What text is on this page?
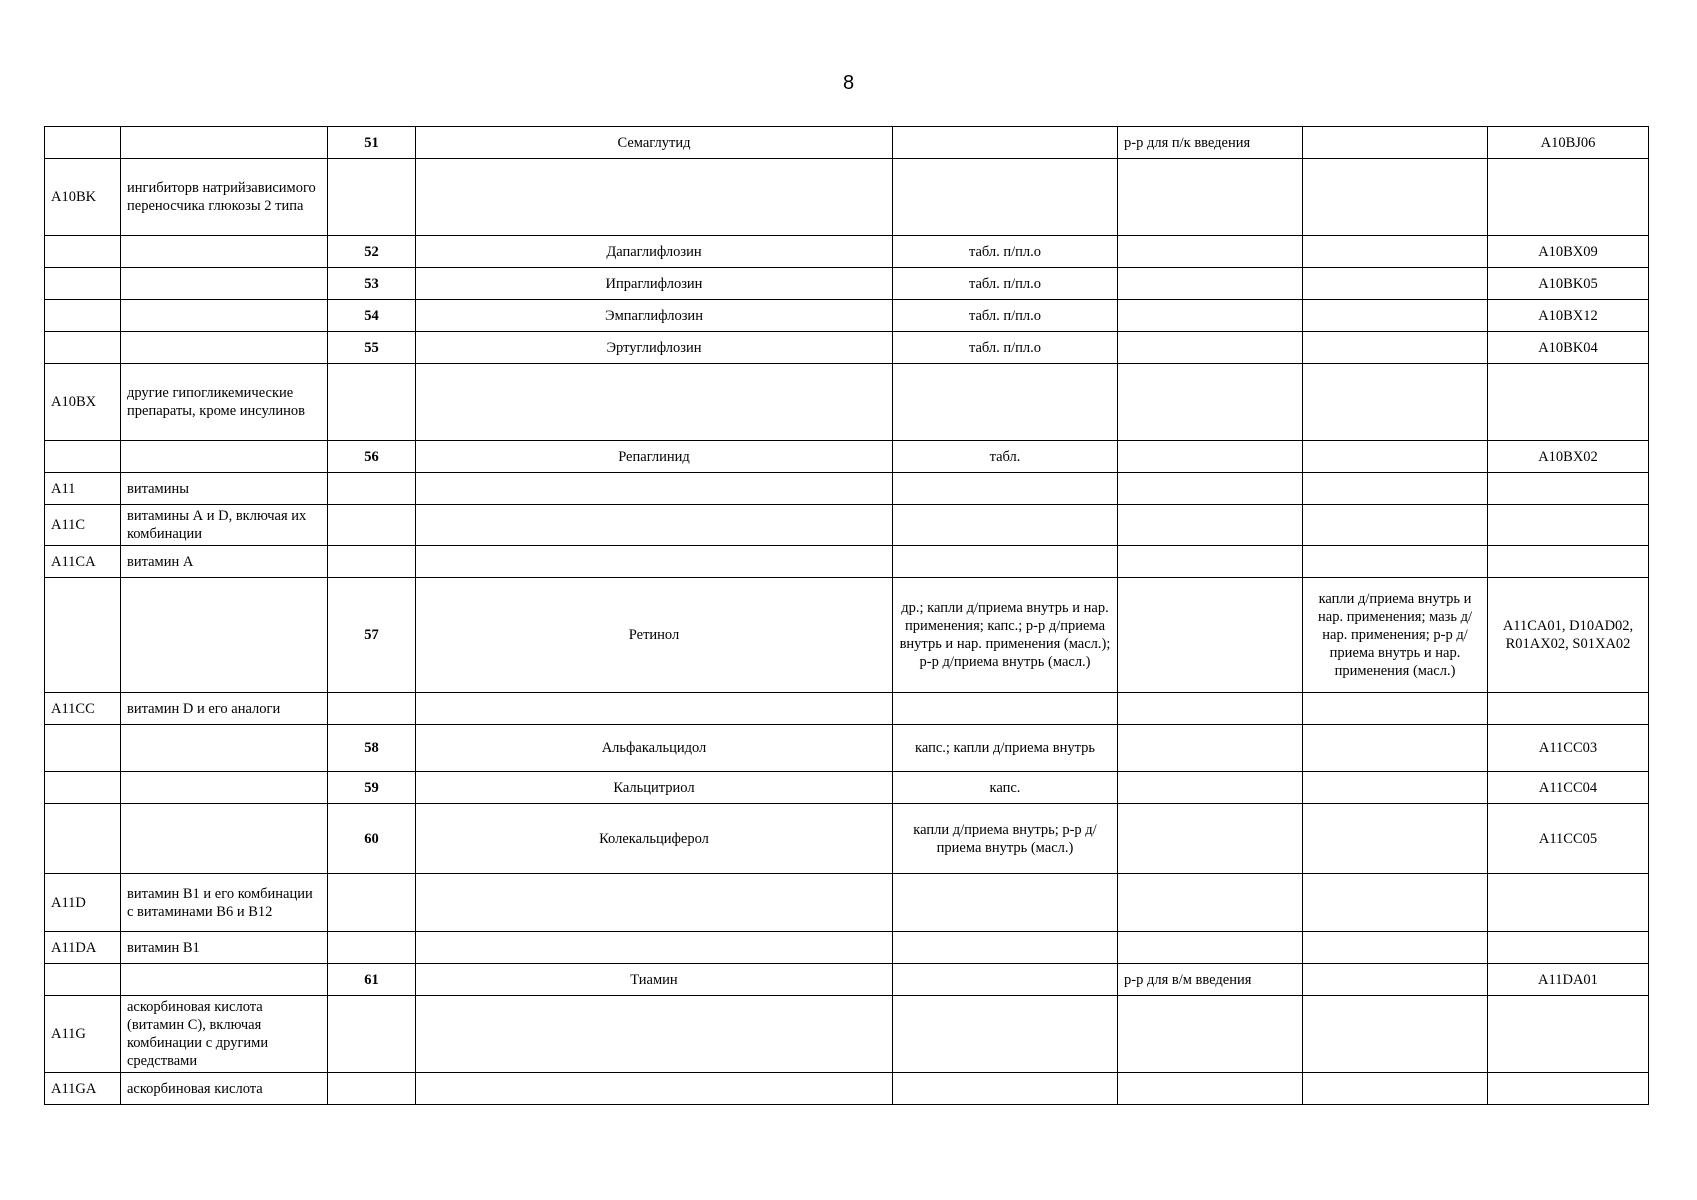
8
		51	Семаглутид		р-р для п/к введения		A10BJ06
A10BK	ингибиторв натрийзависимого переносчика глюкозы 2 типа						
		52	Дапаглифлозин	табл. п/пл.о			A10BX09
		53	Ипраглифлозин	табл. п/пл.о			A10BK05
		54	Эмпаглифлозин	табл. п/пл.о			A10BX12
		55	Эртуглифлозин	табл. п/пл.о			A10BK04
A10BX	другие гипогликемические препараты, кроме инсулинов						
		56	Репаглинид	табл.			A10BX02
A11	витамины						
A11C	витамины А и D, включая их комбинации						
A11CA	витамин А						
		57	Ретинол	др.; капли д/приема внутрь и нар. применения; капс.; р-р д/приема внутрь и нар. применения (масл.); р-р д/приема внутрь (масл.)		капли д/приема внутрь и нар. применения; мазь д/нар. применения; р-р д/приема внутрь и нар. применения (масл.)	A11CA01, D10AD02, R01AX02, S01XA02
A11CC	витамин D и его аналоги						
		58	Альфакальцидол	капс.; капли д/приема внутрь			A11CC03
		59	Кальцитриол	капс.			A11CC04
		60	Колекальциферол	капли д/приема внутрь; р-р д/приема внутрь (масл.)			A11CC05
A11D	витамин В1 и его комбинации с витаминами В6 и В12						
A11DA	витамин В1						
		61	Тиамин		р-р для в/м введения		A11DA01
A11G	аскорбиновая кислота (витамин С), включая комбинации с другими средствами						
A11GA	аскорбиновая кислота						
